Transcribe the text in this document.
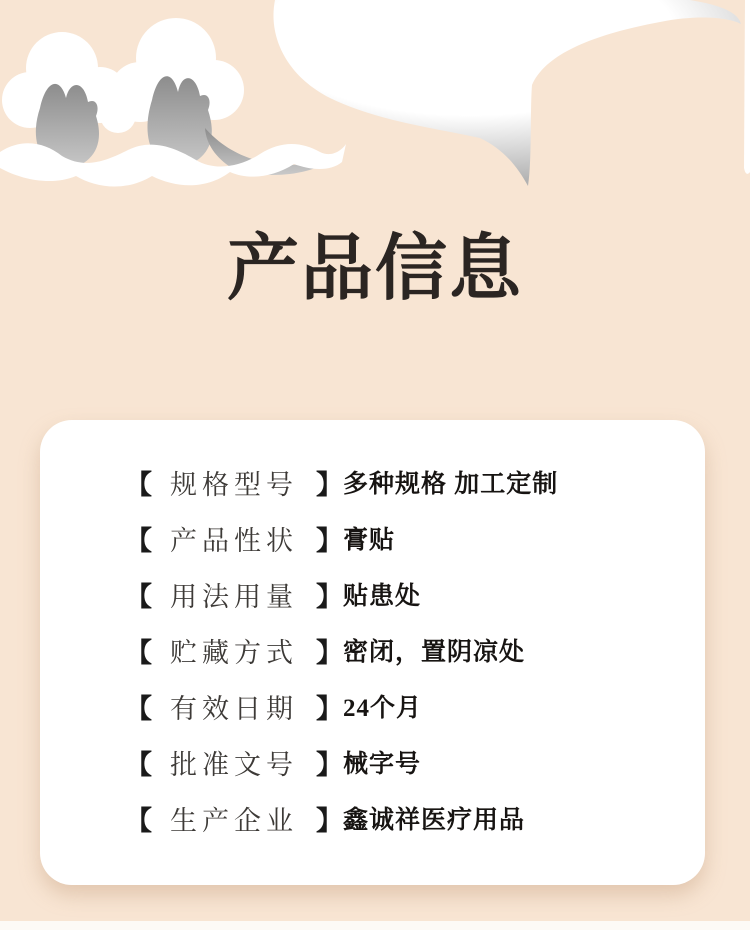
产品信息
【 规格型号 】 多种规格 加工定制
【 产品性状 】 膏贴
【 用法用量 】 贴患处
【 贮藏方式 】 密闭，置阴凉处
【 有效日期 】 24个月
【 批准文号 】 械字号
【 生产企业 】 鑫诚祥医疗用品
